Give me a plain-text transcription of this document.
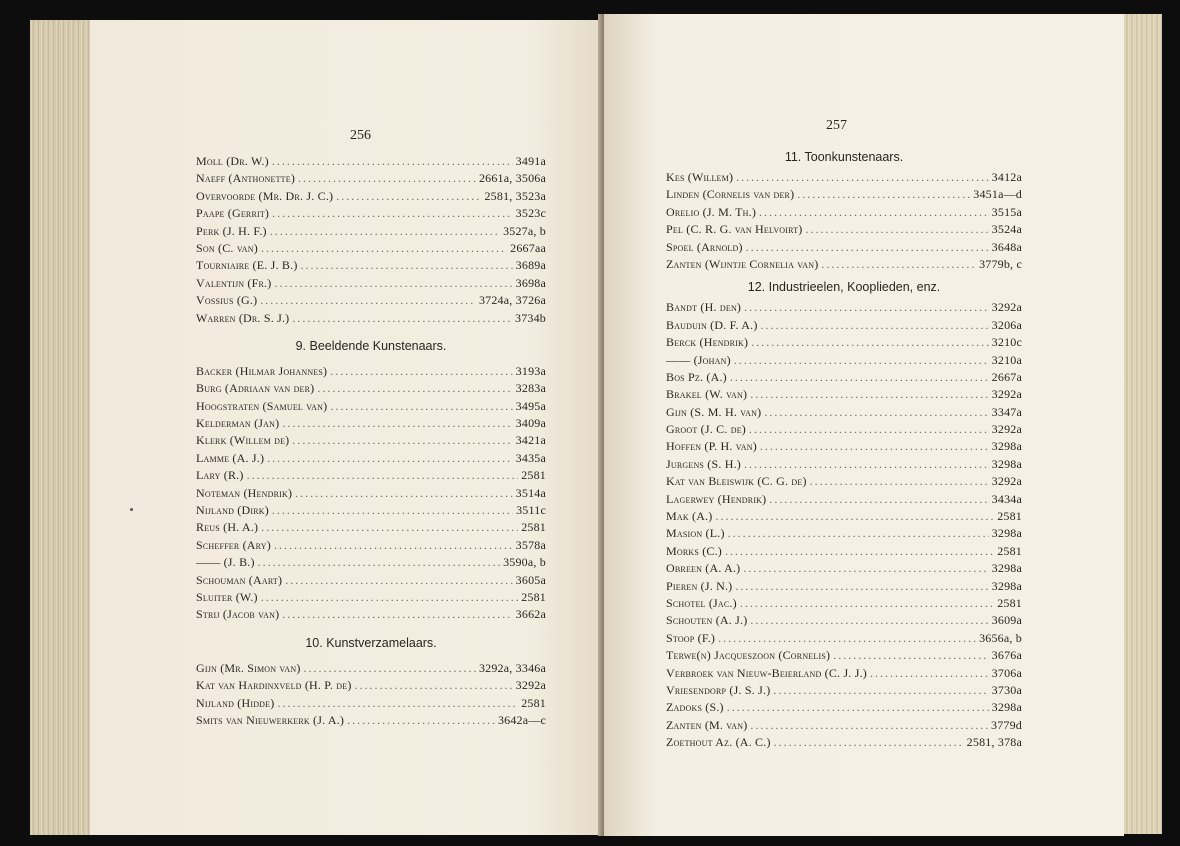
256
Moll (Dr. W.) .....	3491a
Naeff (Anthonette) .....	2661a, 3506a
Overvoorde (Mr. Dr. J. C.) .....	2581, 3523a
Paape (Gerrit) .....	3523c
Perk (J. H. F.) .....	3527a, b
Son (C. van) .....	2667aa
Tourniaire (E. J. B.) .....	3689a
Valentijn (Fr.) .....	3698a
Vossius (G.) .....	3724a, 3726a
Warren (Dr. S. J.) .....	3734b
9. Beeldende Kunstenaars.
Backer (Hilmar Johannes) .....	3193a
Burg (Adriaan van der) .....	3283a
Hoogstraten (Samuel van) .....	3495a
Kelderman (Jan) .....	3409a
Klerk (Willem de) .....	3421a
Lamme (A. J.) .....	3435a
Lary (R.) .....	2581
Noteman (Hendrik) .....	3514a
Nijland (Dirk) .....	3511c
Reus (H. A.) .....	2581
Scheffer (Ary) .....	3578a
—— (J. B.) .....	3590a, b
Schouman (Aart) .....	3605a
Sluiter (W.) .....	2581
Strij (Jacob van) .....	3662a
10. Kunstverzamelaars.
Gijn (Mr. Simon van) .....	3292a, 3346a
Kat van Hardinxveld (H. P. de) .....	3292a
Nijland (Hidde) .....	2581
Smits van Nieuwerkerk (J. A.) .....	3642a—c
257
11. Toonkunstenaars.
Kes (Willem) .....	3412a
Linden (Cornelis van der) .....	3451a—d
Orelio (J. M. Th.) .....	3515a
Pel (C. R. G. van Helvoirt) .....	3524a
Spoel (Arnold) .....	3648a
Zanten (Wijntje Cornelia van) .....	3779b, c
12. Industrieelen, Kooplieden, enz.
Bandt (H. den) .....	3292a
Bauduin (D. F. A.) .....	3206a
Berck (Hendrik) .....	3210c
—— (Johan) .....	3210a
Bos Pz. (A.) .....	2667a
Brakel (W. van) .....	3292a
Gijn (S. M. H. van) .....	3347a
Groot (J. C. de) .....	3292a
Hoffen (P. H. van) .....	3298a
Jurgens (S. H.) .....	3298a
Kat van Bleiswijk (C. G. de) .....	3292a
Lagerwey (Hendrik) .....	3434a
Mak (A.) .....	2581
Masion (L.) .....	3298a
Morks (C.) .....	2581
Obreen (A. A.) .....	3298a
Pieren (J. N.) .....	3298a
Schotel (Jac.) .....	2581
Schouten (A. J.) .....	3609a
Stoop (F.) .....	3656a, b
Terwe(n) Jacqueszoon (Cornelis) .....	3676a
Verbroek van Nieuw-Beierland (C. J. J.) .....	3706a
Vriesendorp (J. S. J.) .....	3730a
Zadoks (S.) .....	3298a
Zanten (M. van) .....	3779d
Zoethout Az. (A. C.) .....	2581, 378a
